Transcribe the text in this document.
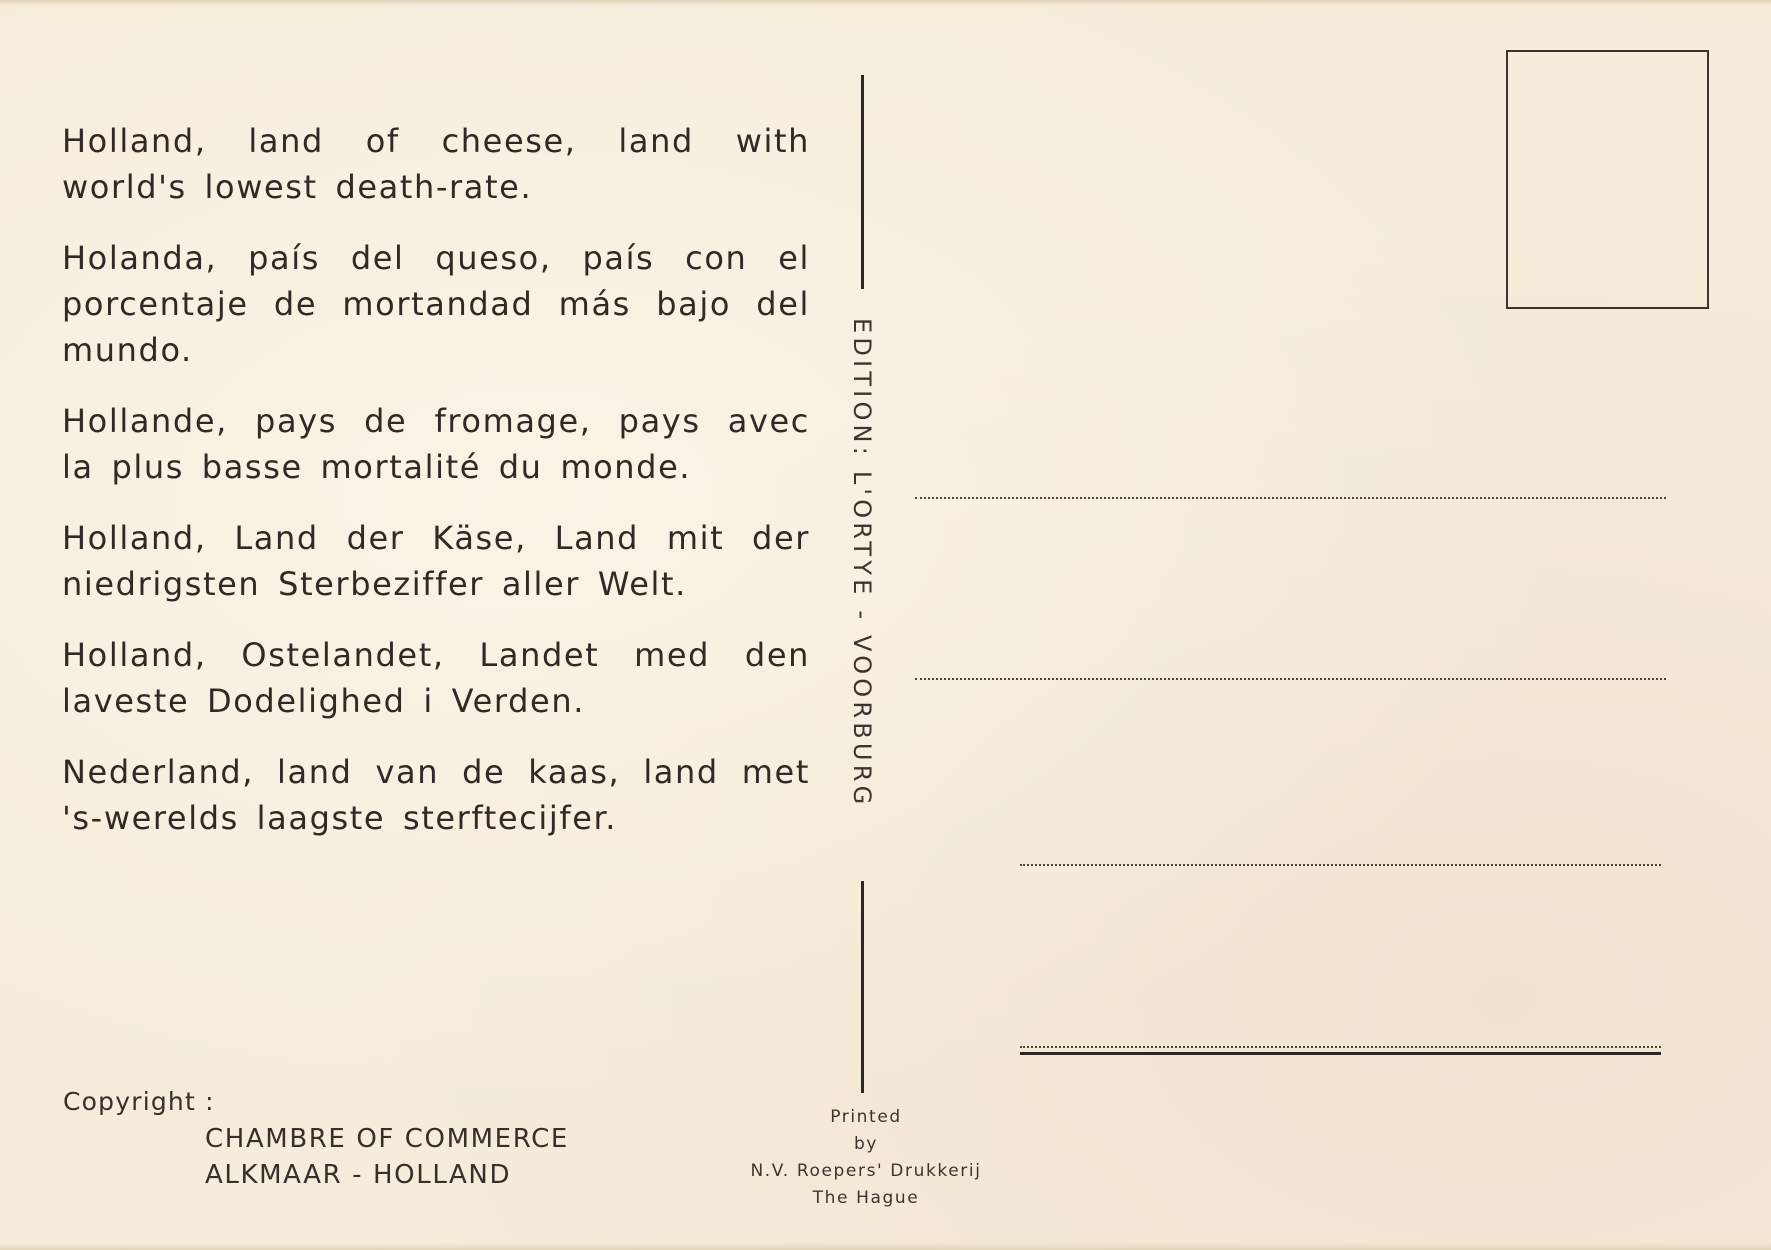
Holland, land of cheese, land with world's lowest death-rate.

Holanda, país del queso, país con el porcentaje de mortandad más bajo del mundo.

Hollande, pays de fromage, pays avec la plus basse mortalité du monde.

Holland, Land der Käse, Land mit der niedrigsten Sterbeziffer aller Welt.

Holland, Ostelandet, Landet med den laveste Dodelighed i Verden.

Nederland, land van de kaas, land met 's-werelds laagste sterftecijfer.

Copyright :
CHAMBRE OF COMMERCE
ALKMAAR - HOLLAND
EDITION: L'ORTYE - VOORBURG
Printed
by
N.V. Roepers' Drukkerij
The Hague
